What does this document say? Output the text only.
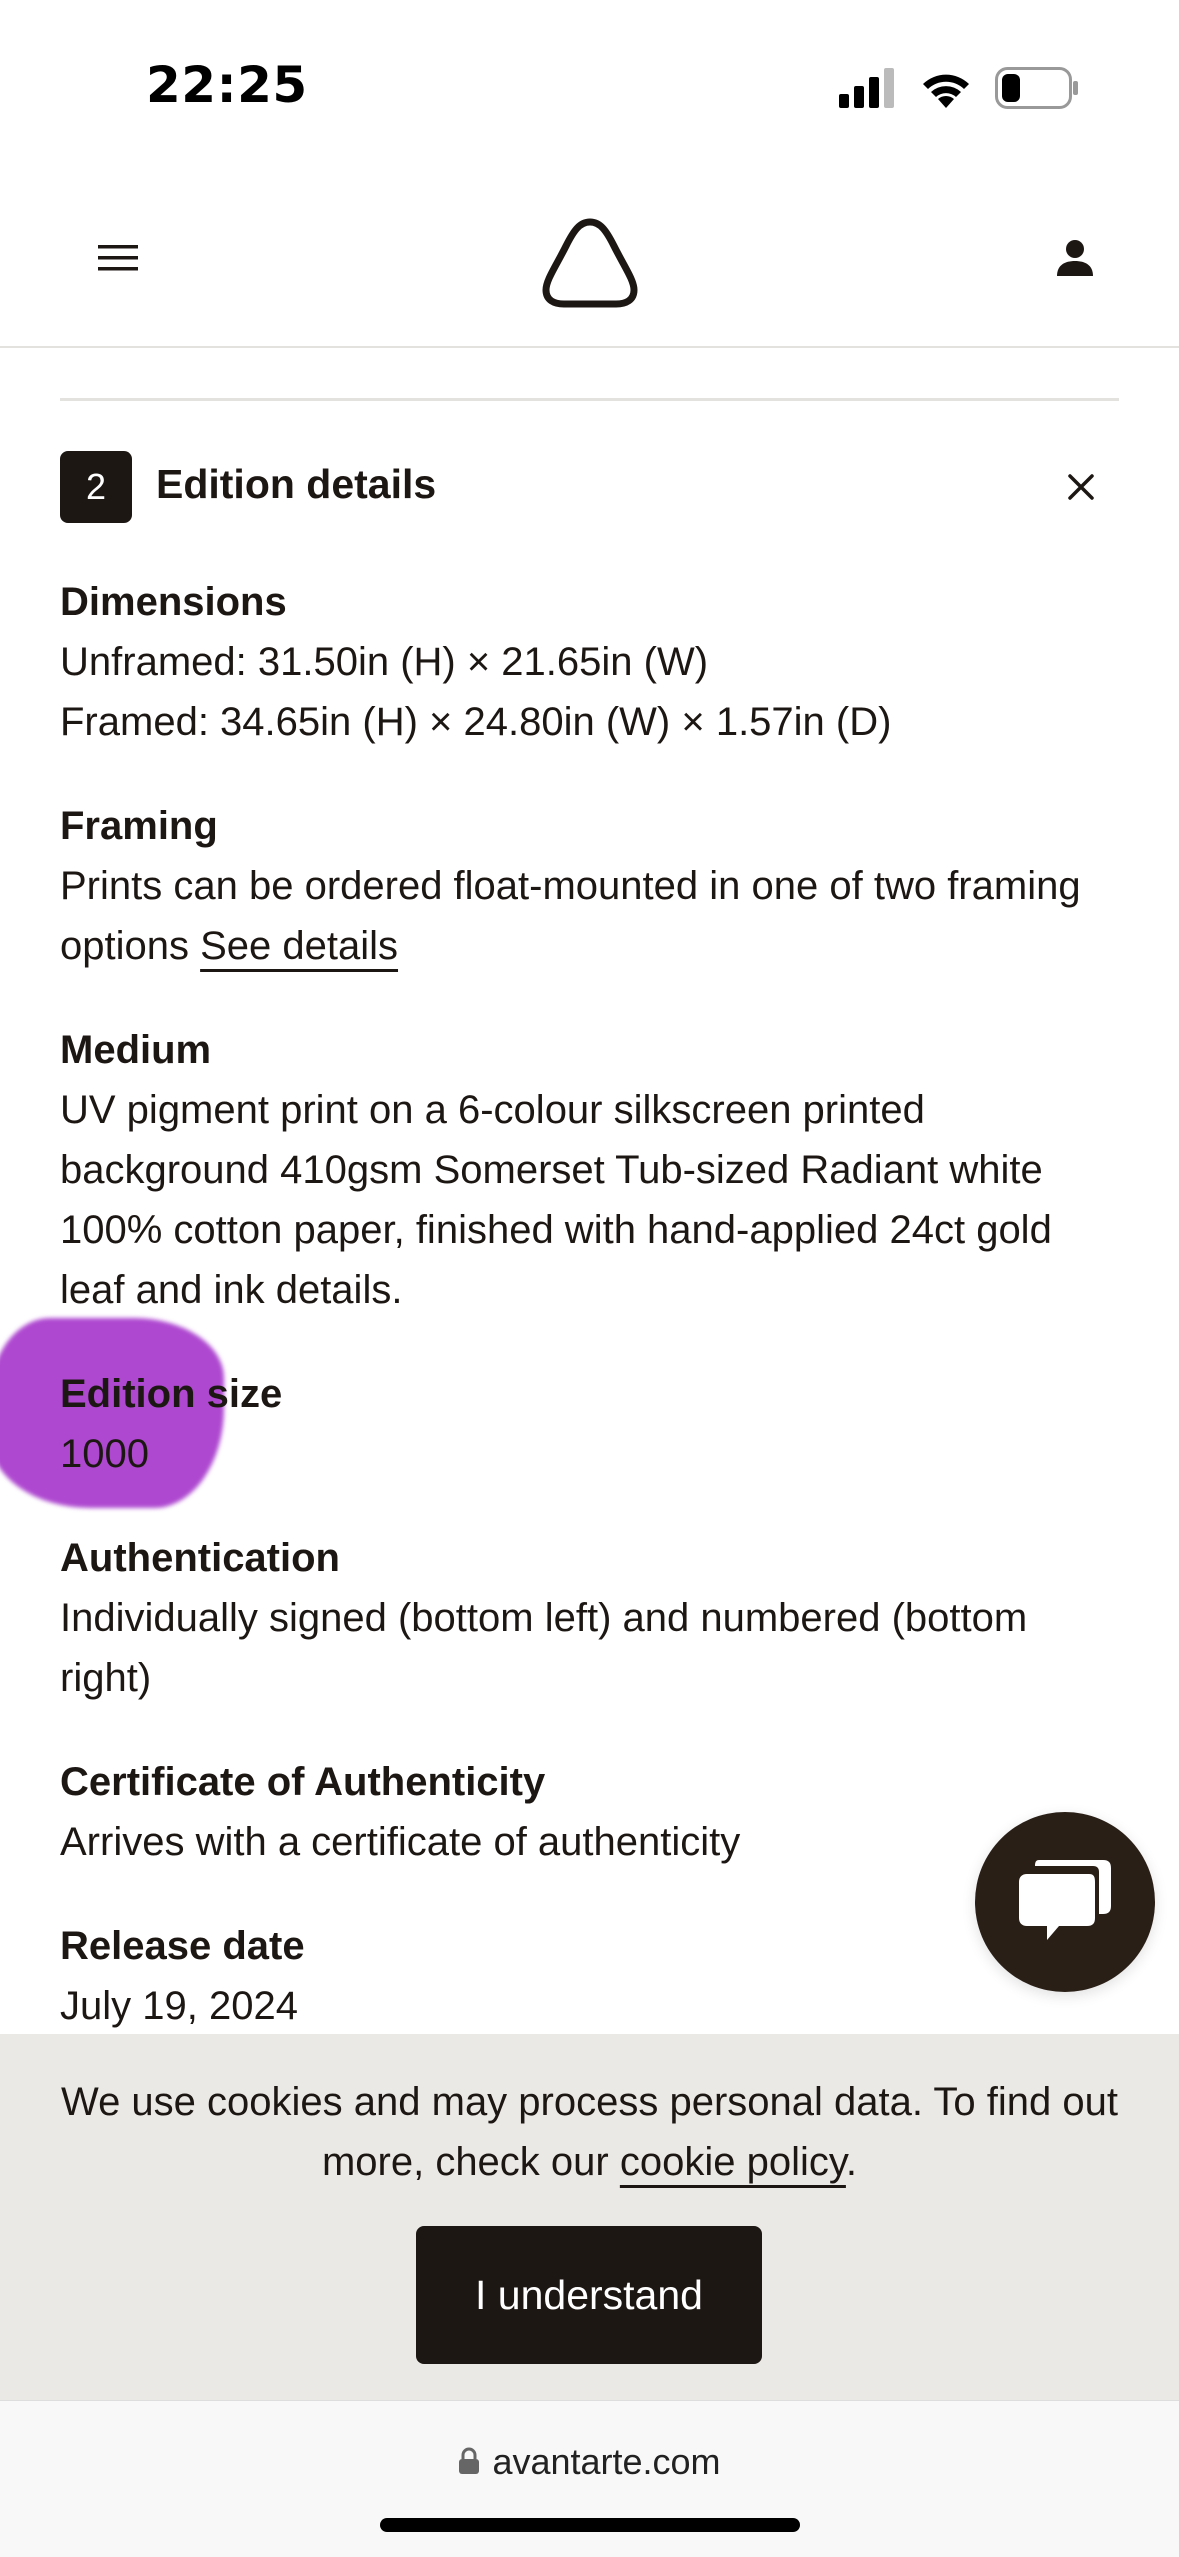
22:25
2	Edition details
Dimensions

Unframed: 31.50in (H) × 21.65in (W)

Framed: 34.65in (H) × 24.80in (W) × 1.57in (D)

Framing

Prints can be ordered float-mounted in one of two framing options See details

Medium

UV pigment print on a 6-colour silkscreen printed background 410gsm Somerset Tub-sized Radiant white 100% cotton paper, finished with hand-applied 24ct gold leaf and ink details.

Edition size

1000

Authentication

Individually signed (bottom left) and numbered (bottom right)

Certificate of Authenticity

Arrives with a certificate of authenticity

Release date

July 19, 2024

We use cookies and may process personal data. To find out more, check our cookie policy.
I understand
avantarte.com
